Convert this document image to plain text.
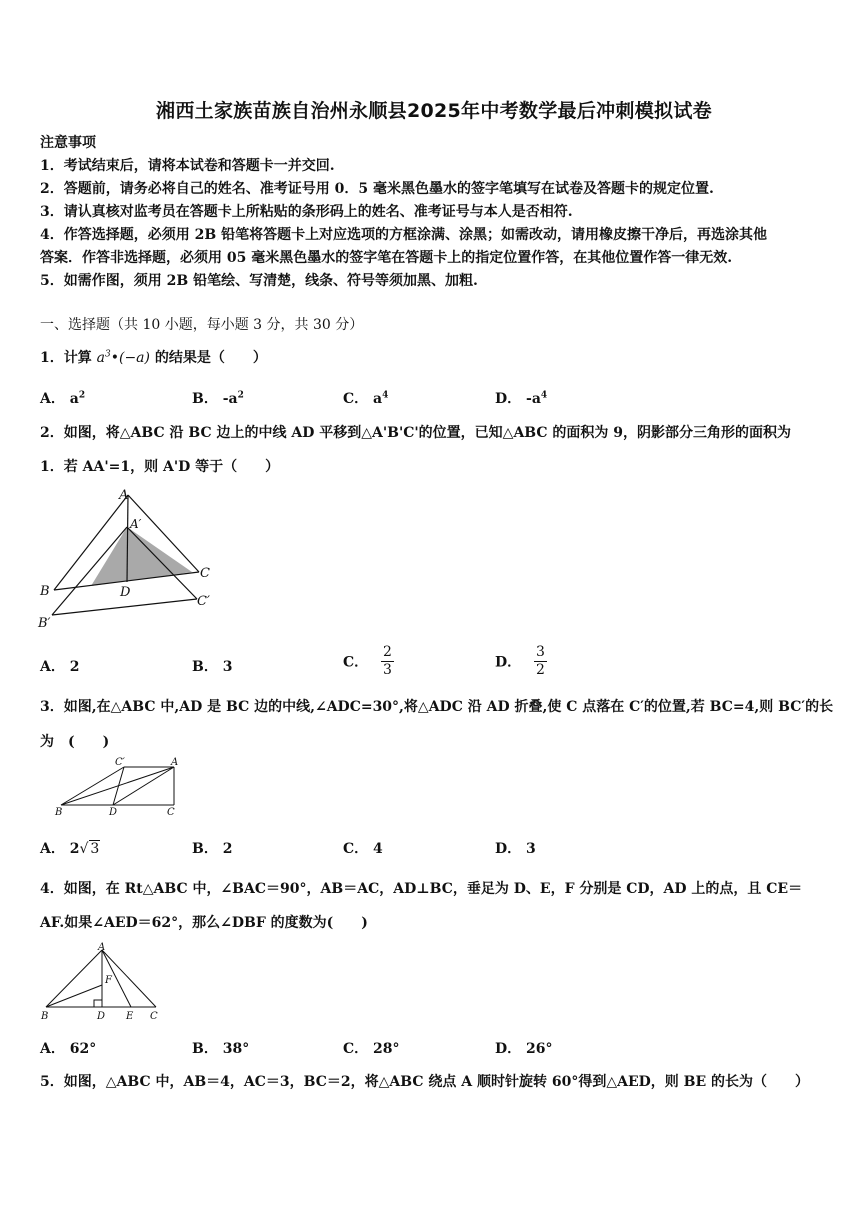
湘西土家族苗族自治州永顺县2025年中考数学最后冲刺模拟试卷
注意事项
1．考试结束后，请将本试卷和答题卡一并交回.
2．答题前，请务必将自己的姓名、准考证号用 0．5 毫米黑色墨水的签字笔填写在试卷及答题卡的规定位置.
3．请认真核对监考员在答题卡上所粘贴的条形码上的姓名、准考证号与本人是否相符.
4．作答选择题，必须用 2B 铅笔将答题卡上对应选项的方框涂满、涂黑；如需改动，请用橡皮擦干净后，再选涂其他
答案．作答非选择题，必须用 05 毫米黑色墨水的签字笔在答题卡上的指定位置作答，在其他位置作答一律无效.
5．如需作图，须用 2B 铅笔绘、写清楚，线条、符号等须加黑、加粗.
一、选择题（共 10 小题，每小题 3 分，共 30 分）
1．计算 $a^3•(-a)$ 的结果是（　　）
A． $a^2$	B． $-a^2$	C． $a^4$	D． $-a^4$
2．如图，将△ABC 沿 BC 边上的中线 AD 平移到△A'B'C'的位置，已知△ABC 的面积为 9，阴影部分三角形的面积为
1．若 AA'=1，则 A'D 等于（　　）
A
A′
B
C
D
B′
C′
A． 2	B． 3	C． $\frac{2}{3}$	D． $\frac{3}{2}$
3．如图,在△ABC 中,AD 是 BC 边的中线,∠ADC=30°,将△ADC 沿 AD 折叠,使 C 点落在 C′的位置,若 BC=4,则 BC′的长
为　(　　)
C′	A
B	D	C
A． 2√ 3	B． 2	C． 4	D． 3
4．如图，在 Rt△ABC 中，∠BAC＝90°，AB＝AC，AD⊥BC，垂足为 D、E，F 分别是 CD，AD 上的点，且 CE＝
AF.如果∠AED＝62°，那么∠DBF 的度数为(　　)
A
F
B	D E C
A． 62°	B． 38°	C． 28°	D． 26°
5．如图，△ABC 中，AB＝4，AC＝3，BC＝2，将△ABC 绕点 A 顺时针旋转 60°得到△AED，则 BE 的长为（　　）
